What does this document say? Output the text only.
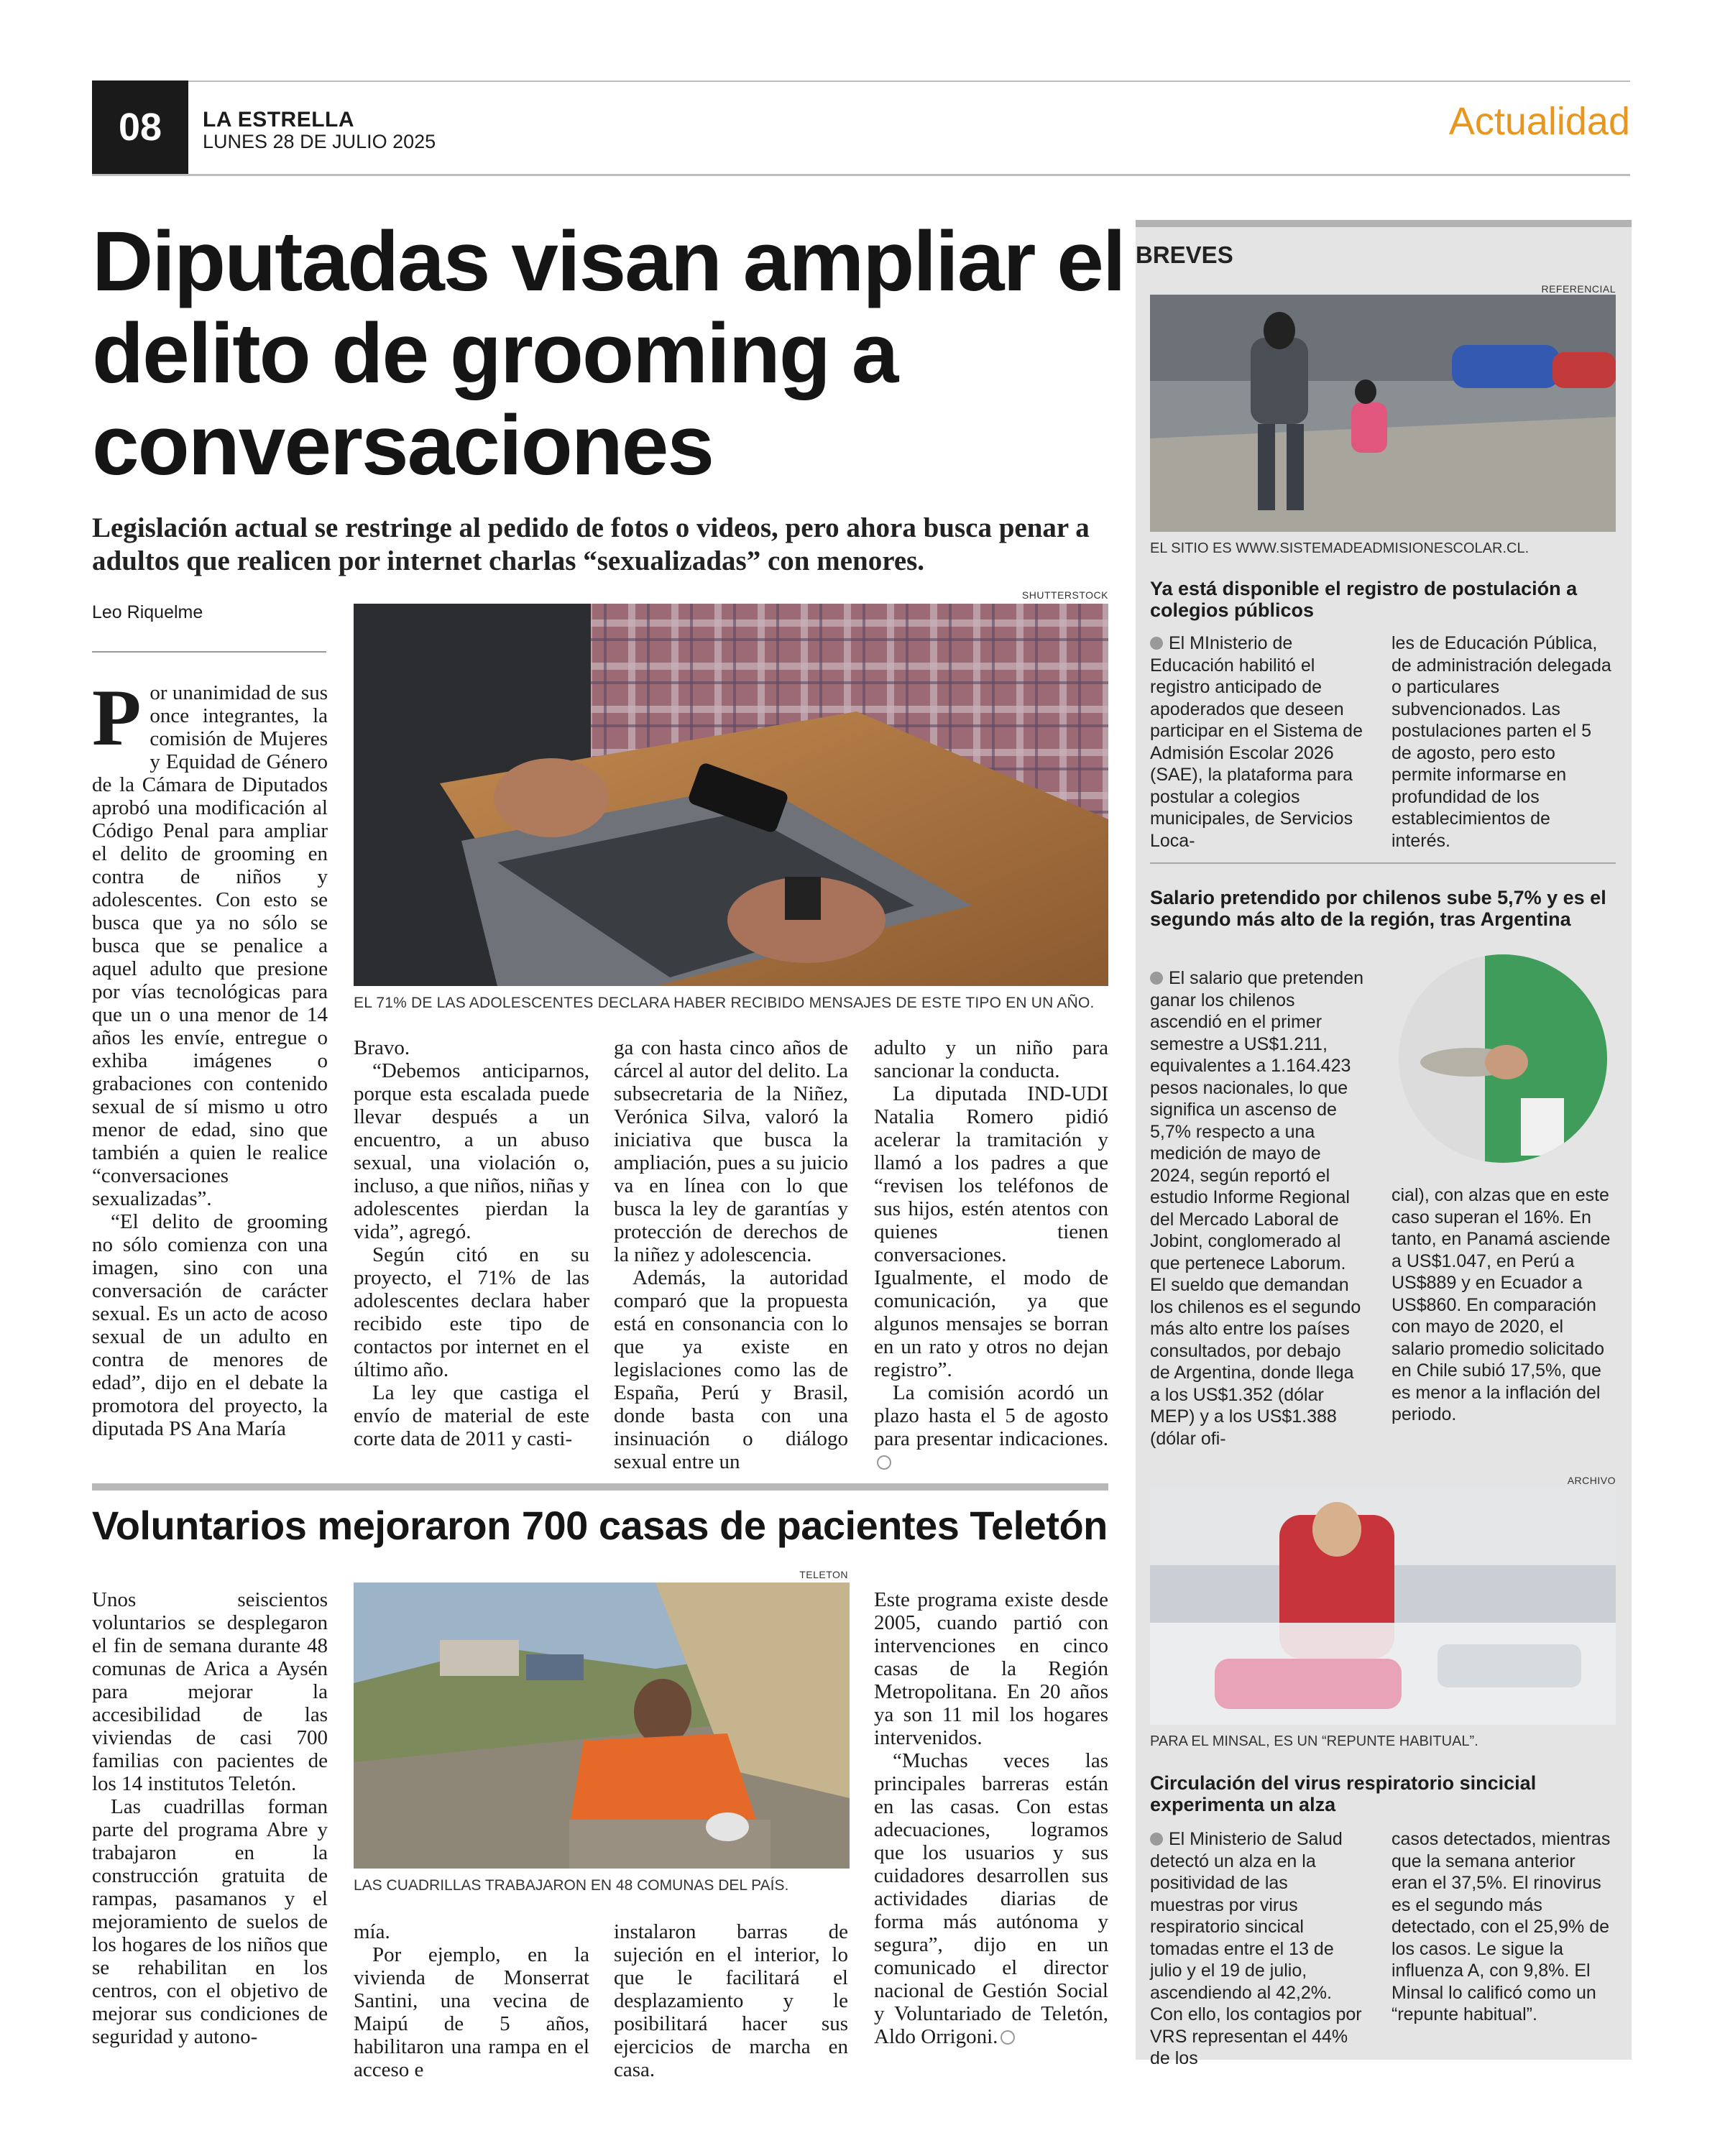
08	LA ESTRELLA
LUNES 28 DE JULIO 2025	Actualidad
Diputadas visan ampliar el delito de grooming a conversaciones
Legislación actual se restringe al pedido de fotos o videos, pero ahora busca penar a adultos que realicen por internet charlas “sexualizadas” con menores.
Leo Riquelme
SHUTTERSTOCK
EL 71% DE LAS ADOLESCENTES DECLARA HABER RECIBIDO MENSAJES DE ESTE TIPO EN UN AÑO.

Por unanimidad de sus once integrantes, la comisión de Mujeres y Equidad de Género de la Cámara de Diputados aprobó una modificación al Código Penal para ampliar el delito de grooming en contra de niños y adolescentes. Con esto se busca que ya no sólo se busca que se penalice a aquel adulto que presione por vías tecnológicas para que un o una menor de 14 años les envíe, entregue o exhiba imágenes o grabaciones con contenido sexual de sí mismo u otro menor de edad, sino que también a quien le realice “conversaciones sexualizadas”.

“El delito de grooming no sólo comienza con una imagen, sino con una conversación de carácter sexual. Es un acto de acoso sexual de un adulto en contra de menores de edad”, dijo en el debate la promotora del proyecto, la diputada PS Ana María

Bravo.

“Debemos anticiparnos, porque esta escalada puede llevar después a un encuentro, a un abuso sexual, una violación o, incluso, a que niños, niñas y adolescentes pierdan la vida”, agregó.

Según citó en su proyecto, el 71% de las adolescentes declara haber recibido este tipo de contactos por internet en el último año.

La ley que castiga el envío de material de este corte data de 2011 y casti-

ga con hasta cinco años de cárcel al autor del delito. La subsecretaria de la Niñez, Verónica Silva, valoró la iniciativa que busca la ampliación, pues a su juicio va en línea con lo que busca la ley de garantías y protección de derechos de la niñez y adolescencia.

Además, la autoridad comparó que la propuesta está en consonancia con lo que ya existe en legislaciones como las de España, Perú y Brasil, donde basta con una insinuación o diálogo sexual entre un

adulto y un niño para sancionar la conducta.

La diputada IND-UDI Natalia Romero pidió acelerar la tramitación y llamó a los padres a que “revisen los teléfonos de sus hijos, estén atentos con quienes tienen conversaciones. Igualmente, el modo de comunicación, ya que algunos mensajes se borran en un rato y otros no dejan registro”.

La comisión acordó un plazo hasta el 5 de agosto para presentar indicaciones.

Voluntarios mejoraron 700 casas de pacientes Teletón
TELETON
LAS CUADRILLAS TRABAJARON EN 48 COMUNAS DEL PAÍS.

Unos seiscientos voluntarios se desplegaron el fin de semana durante 48 comunas de Arica a Aysén para mejorar la accesibilidad de las viviendas de casi 700 familias con pacientes de los 14 institutos Teletón.

Las cuadrillas forman parte del programa Abre y trabajaron en la construcción gratuita de rampas, pasamanos y el mejoramiento de suelos de los hogares de los niños que se rehabilitan en los centros, con el objetivo de mejorar sus condiciones de seguridad y autono-

mía.

Por ejemplo, en la vivienda de Monserrat Santini, una vecina de Maipú de 5 años, habilitaron una rampa en el acceso e

instalaron barras de sujeción en el interior, lo que le facilitará el desplazamiento y le posibilitará hacer sus ejercicios de marcha en casa.

Este programa existe desde 2005, cuando partió con intervenciones en cinco casas de la Región Metropolitana. En 20 años ya son 11 mil los hogares intervenidos.

“Muchas veces las principales barreras están en las casas. Con estas adecuaciones, logramos que los usuarios y sus cuidadores desarrollen sus actividades diarias de forma más autónoma y segura”, dijo en un comunicado el director nacional de Gestión Social y Voluntariado de Teletón, Aldo Orrigoni.

BREVES
REFERENCIAL
EL SITIO ES WWW.SISTEMADEADMISIONESCOLAR.CL.
Ya está disponible el registro de postulación a colegios públicos

El MInisterio de Educación habilitó el registro anticipado de apoderados que deseen participar en el Sistema de Admisión Escolar 2026 (SAE), la plataforma para postular a colegios municipales, de Servicios Loca-

les de Educación Pública, de administración delegada o particulares subvencionados. Las postulaciones parten el 5 de agosto, pero esto permite informarse en profundidad de los establecimientos de interés.

Salario pretendido por chilenos sube 5,7% y es el segundo más alto de la región, tras Argentina

El salario que pretenden ganar los chilenos ascendió en el primer semestre a US$1.211, equivalentes a 1.164.423 pesos nacionales, lo que significa un ascenso de 5,7% respecto a una medición de mayo de 2024, según reportó el estudio Informe Regional del Mercado Laboral de Jobint, conglomerado al que pertenece Laborum. El sueldo que demandan los chilenos es el segundo más alto entre los países consultados, por debajo de Argentina, donde llega a los US$1.352 (dólar MEP) y a los US$1.388 (dólar ofi-

cial), con alzas que en este caso superan el 16%. En tanto, en Panamá asciende a US$1.047, en Perú a US$889 y en Ecuador a US$860. En comparación con mayo de 2020, el salario promedio solicitado en Chile subió 17,5%, que es menor a la inflación del periodo.

ARCHIVO
PARA EL MINSAL, ES UN “REPUNTE HABITUAL”.
Circulación del virus respiratorio sincicial experimenta un alza

El Ministerio de Salud detectó un alza en la positividad de las muestras por virus respiratorio sincical tomadas entre el 13 de julio y el 19 de julio, ascendiendo al 42,2%. Con ello, los contagios por VRS representan el 44% de los

casos detectados, mientras que la semana anterior eran el 37,5%. El rinovirus es el segundo más detectado, con el 25,9% de los casos. Le sigue la influenza A, con 9,8%. El Minsal lo calificó como un “repunte habitual”.
